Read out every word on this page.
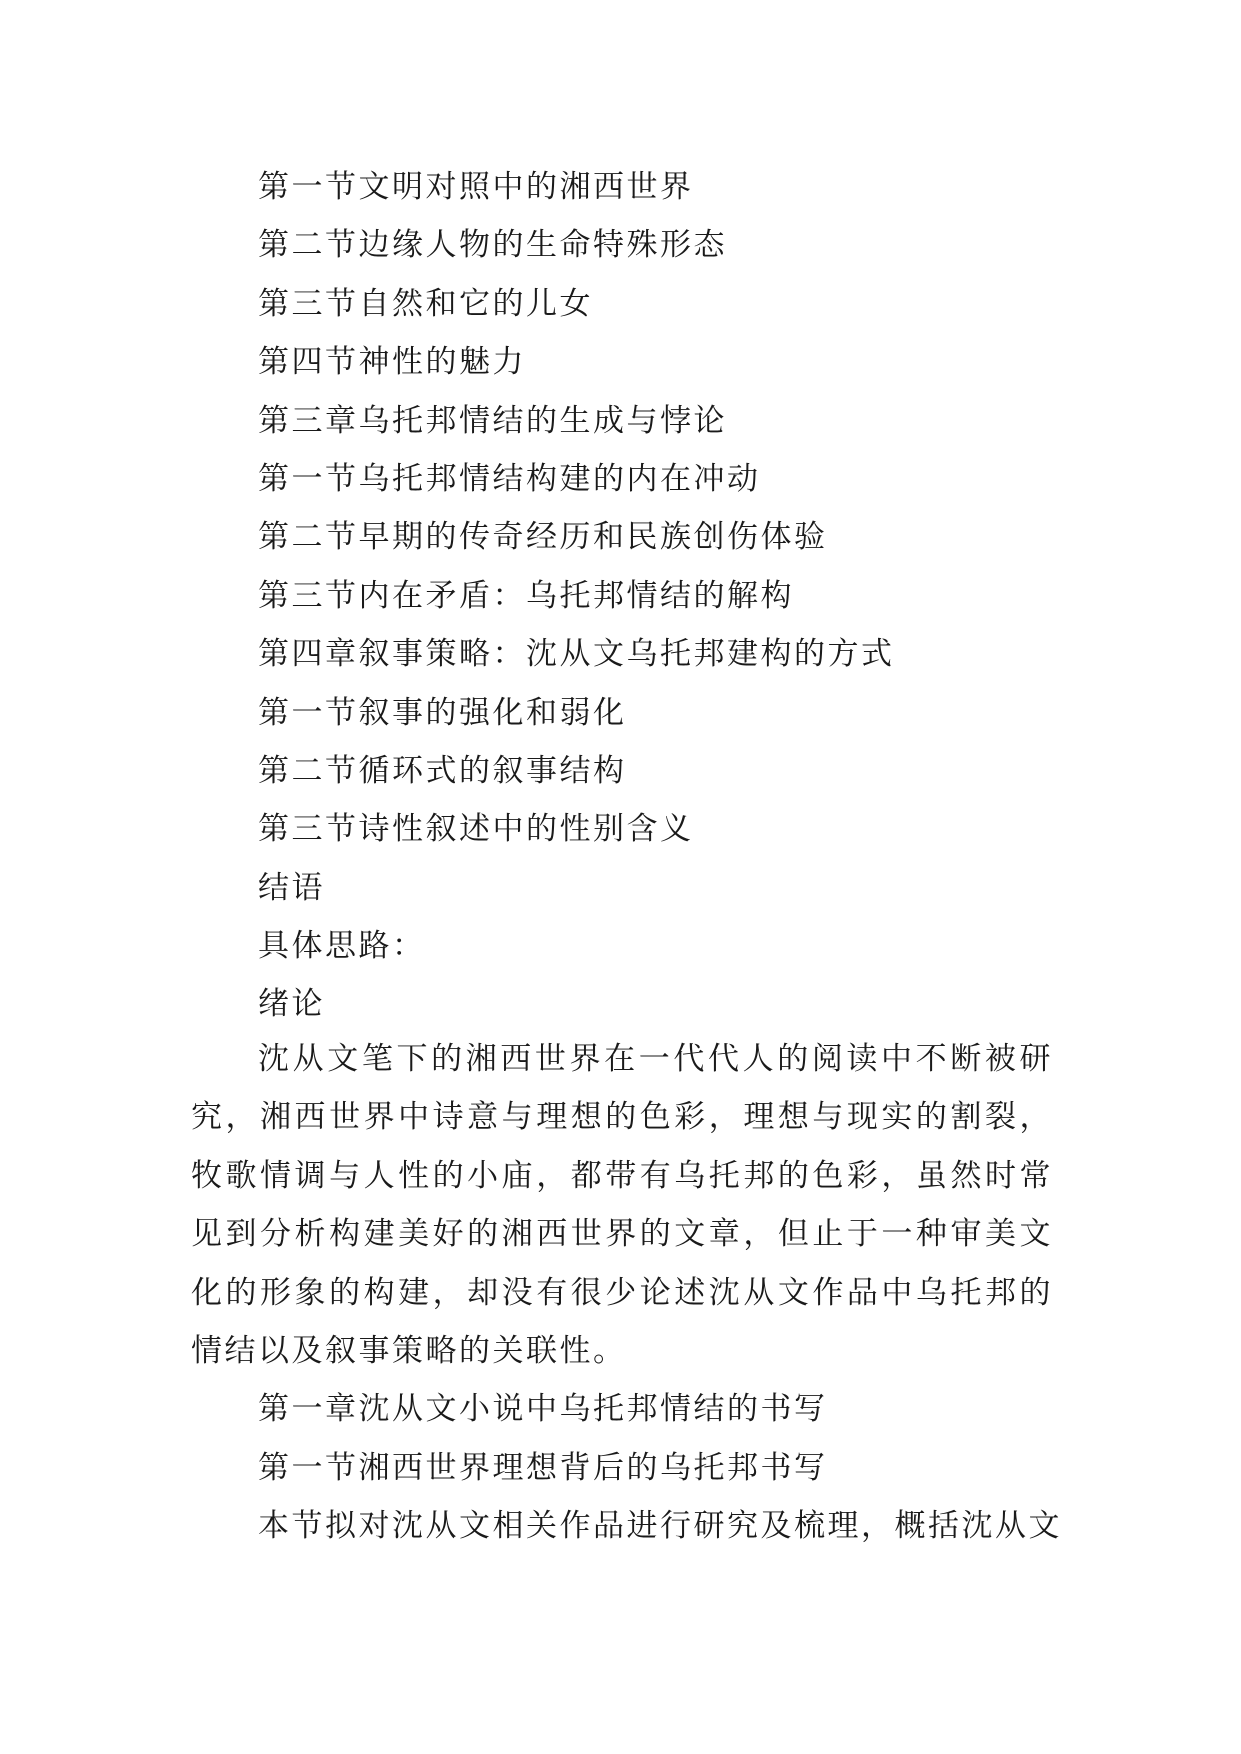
第一节文明对照中的湘西世界
第二节边缘人物的生命特殊形态
第三节自然和它的儿女
第四节神性的魅力
第三章乌托邦情结的生成与悖论
第一节乌托邦情结构建的内在冲动
第二节早期的传奇经历和民族创伤体验
第三节内在矛盾：乌托邦情结的解构
第四章叙事策略：沈从文乌托邦建构的方式
第一节叙事的强化和弱化
第二节循环式的叙事结构
第三节诗性叙述中的性别含义
结语
具体思路：
绪论

沈从文笔下的湘西世界在一代代人的阅读中不断被研究，湘西世界中诗意与理想的色彩，理想与现实的割裂，牧歌情调与人性的小庙，都带有乌托邦的色彩，虽然时常见到分析构建美好的湘西世界的文章，但止于一种审美文化的形象的构建，却没有很少论述沈从文作品中乌托邦的情结以及叙事策略的关联性。

第一章沈从文小说中乌托邦情结的书写
第一节湘西世界理想背后的乌托邦书写
本节拟对沈从文相关作品进行研究及梳理，概括沈从文
